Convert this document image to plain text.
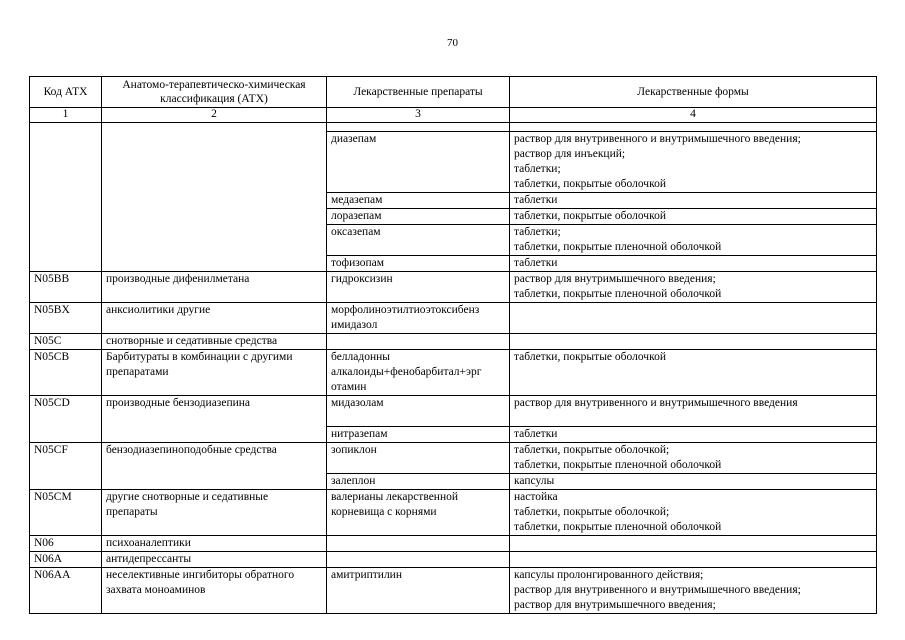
70
Код АТХ	Анатомо-терапевтическо-химическая классификация (АТХ)	Лекарственные препараты	Лекарственные формы
1	2	3	4

		диазепам	раствор для внутривенного и внутримышечного введения;
раствор для инъекций;
таблетки;
таблетки, покрытые оболочкой

		медазепам	таблетки

		лоразепам	таблетки, покрытые оболочкой

		оксазепам	таблетки;
таблетки, покрытые пленочной оболочкой

		тофизопам	таблетки

N05BB	производные дифенилметана	гидроксизин	раствор для внутримышечного введения;
таблетки, покрытые пленочной оболочкой

N05BX	анксиолитики другие	морфолиноэтилтиоэтоксибенз
имидазол	

N05C	снотворные и седативные средства		

N05CB	Барбитураты в комбинации с другими
препаратами	белладонны
алкалоиды+фенобарбитал+эрг
отамин	таблетки, покрытые оболочкой

N05CD	производные бензодиазепина	мидазолам	раствор для внутривенного и внутримышечного введения

		нитразепам	таблетки

N05CF	бензодиазепиноподобные средства	зопиклон	таблетки, покрытые оболочкой;
таблетки, покрытые пленочной оболочкой

		залеплон	капсулы

N05CM	другие снотворные и седативные
препараты	валерианы лекарственной
корневища с корнями	настойка
таблетки, покрытые оболочкой;
таблетки, покрытые пленочной оболочкой

N06	психоаналептики		

N06A	антидепрессанты		

N06AA	неселективные ингибиторы обратного
захвата моноаминов	амитриптилин	капсулы пролонгированного действия;
раствор для внутривенного и внутримышечного введения;
раствор для внутримышечного введения;
